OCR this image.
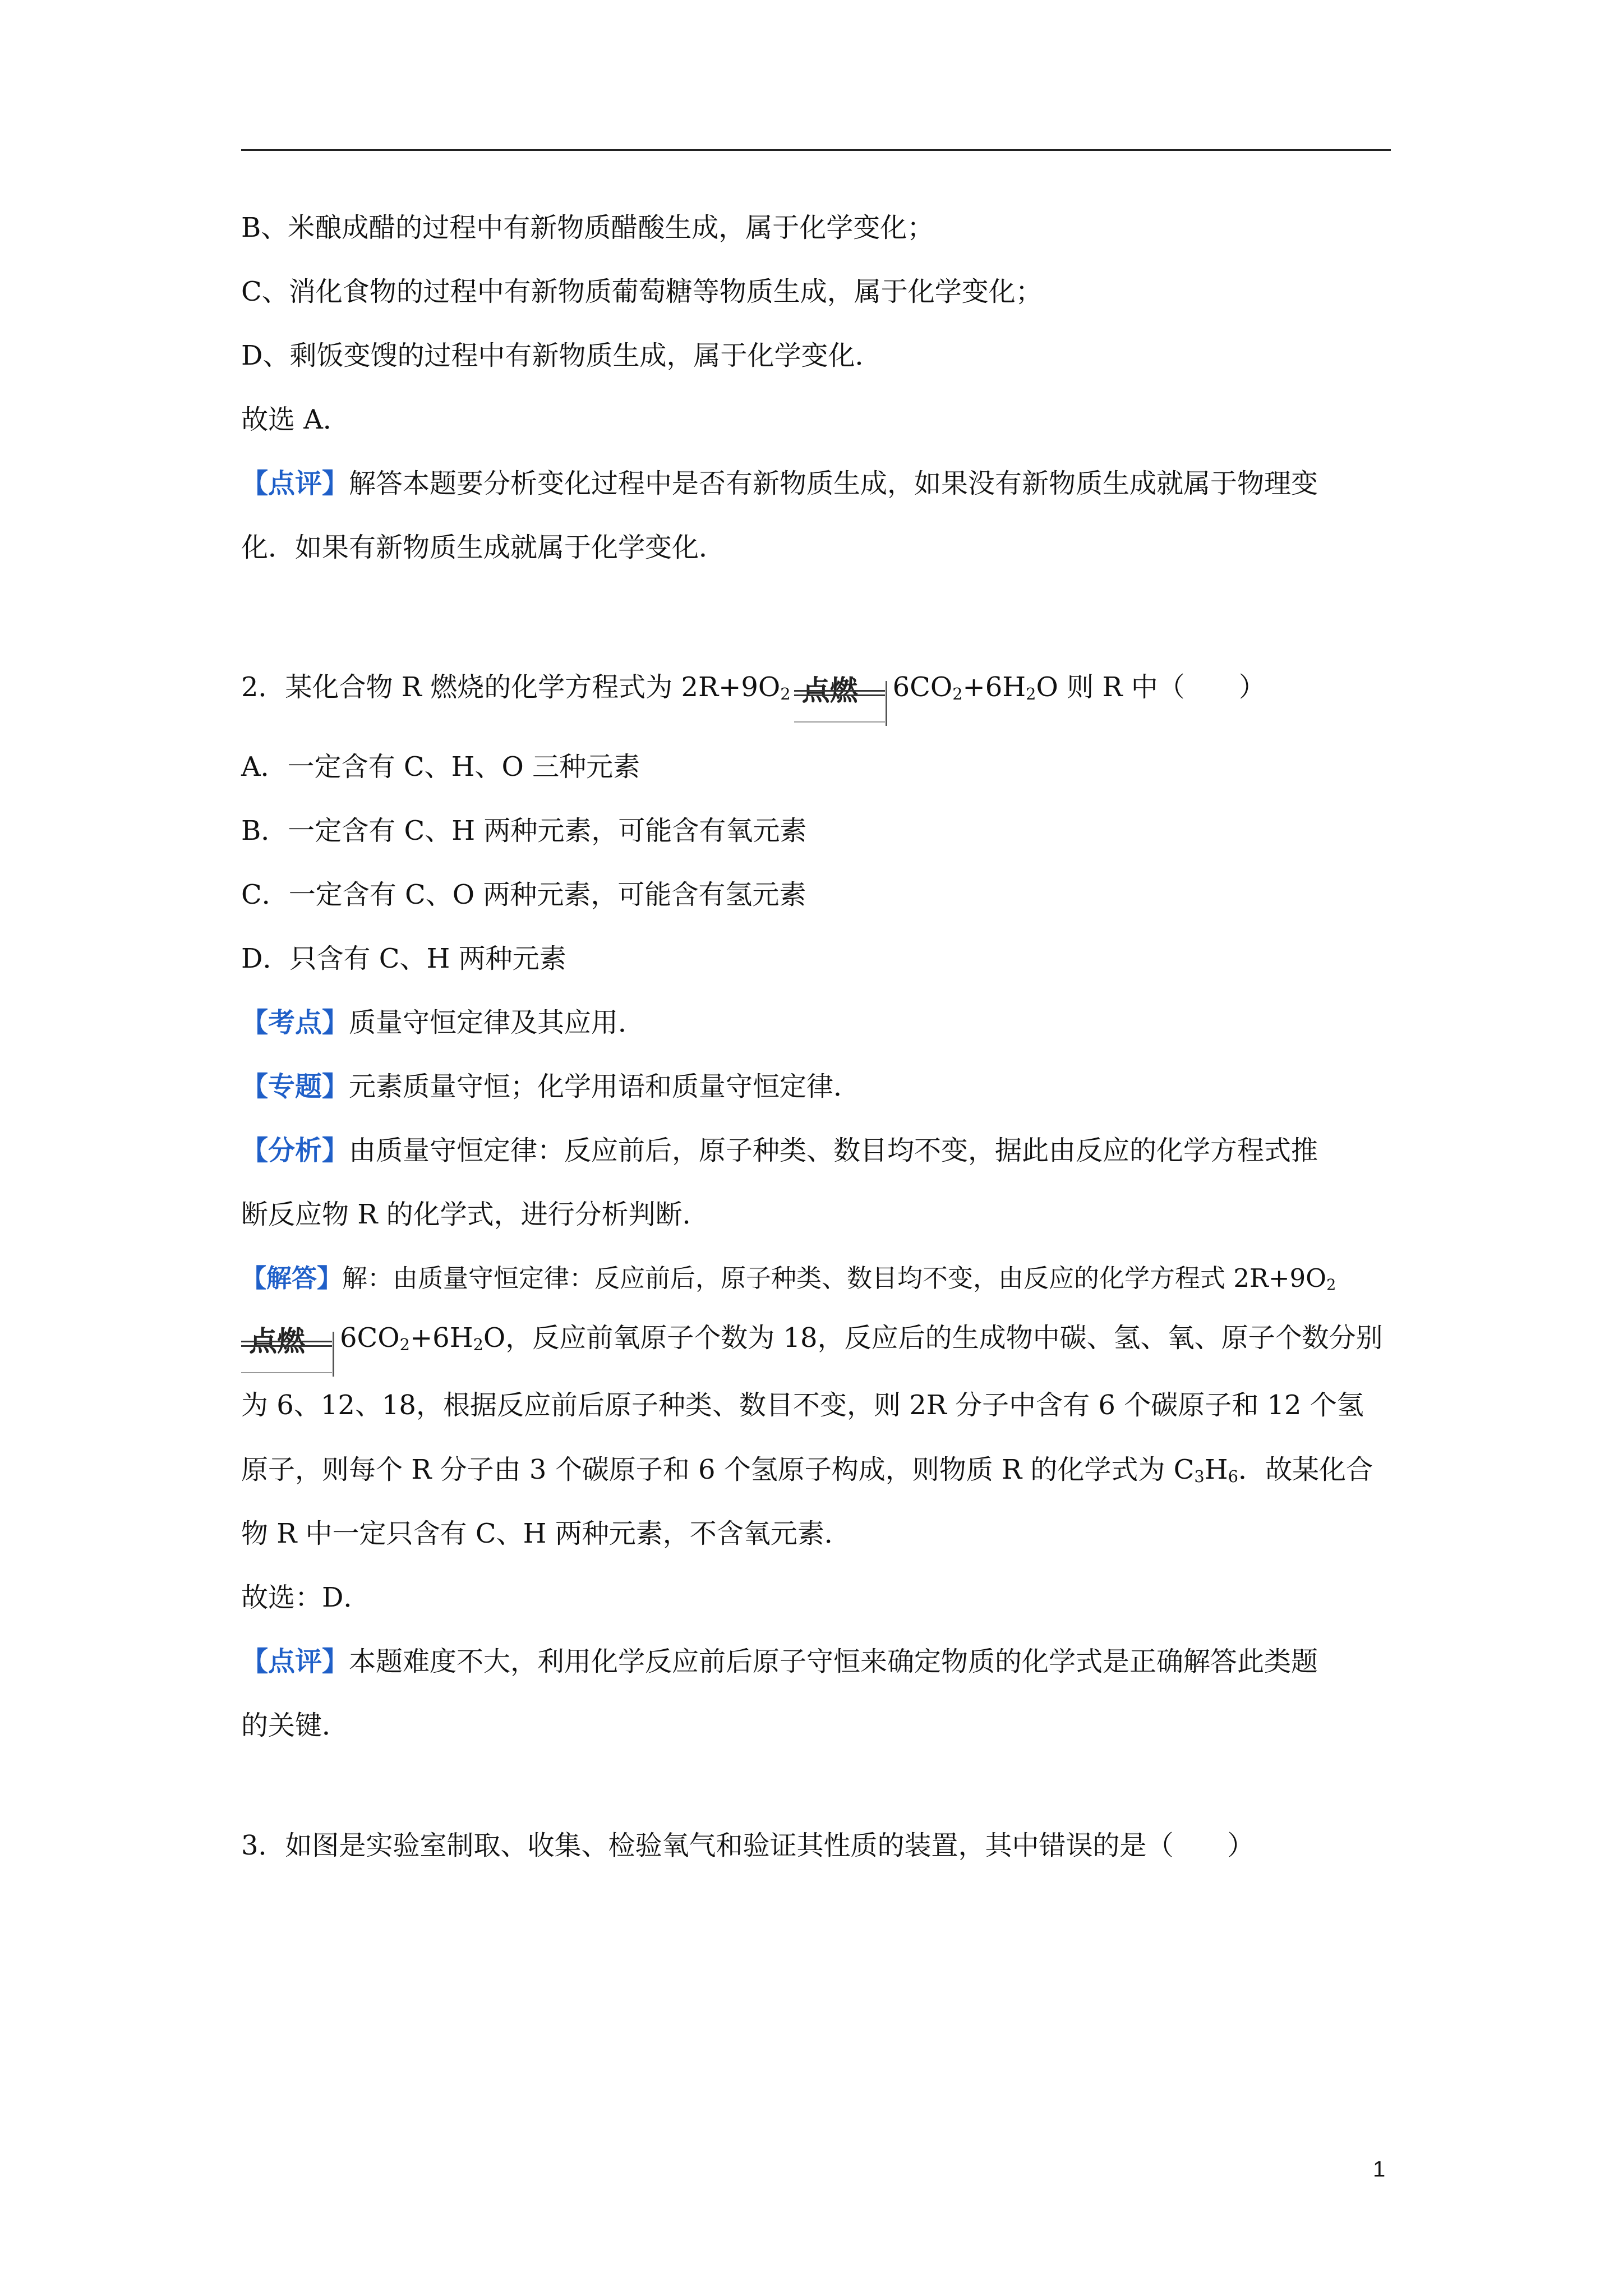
B、米酿成醋的过程中有新物质醋酸生成，属于化学变化；
C、消化食物的过程中有新物质葡萄糖等物质生成，属于化学变化；
D、剩饭变馊的过程中有新物质生成，属于化学变化．
故选 A．
【点评】解答本题要分析变化过程中是否有新物质生成，如果没有新物质生成就属于物理变
化．如果有新物质生成就属于化学变化．
2．某化合物 R 燃烧的化学方程式为 $2R+9O_2$ 点燃 $6CO_2+6H_2O$ 则 R 中（　　）
A．一定含有 C、H、O 三种元素
B．一定含有 C、H 两种元素，可能含有氧元素
C．一定含有 C、O 两种元素，可能含有氢元素
D．只含有 C、H 两种元素
【考点】质量守恒定律及其应用．
【专题】元素质量守恒；化学用语和质量守恒定律．
【分析】由质量守恒定律：反应前后，原子种类、数目均不变，据此由反应的化学方程式推
断反应物 R 的化学式，进行分析判断．
【解答】解：由质量守恒定律：反应前后，原子种类、数目均不变，由反应的化学方程式 $2R+9O_2$
点燃 $6CO_2+6H_2O$，反应前氧原子个数为 18，反应后的生成物中碳、氢、氧、原子个数分别
为 6、12、18，根据反应前后原子种类、数目不变，则 2R 分子中含有 6 个碳原子和 12 个氢
原子，则每个 R 分子由 3 个碳原子和 6 个氢原子构成，则物质 R 的化学式为 $C_3H_6$．故某化合
物 R 中一定只含有 C、H 两种元素，不含氧元素．
故选：D．
【点评】本题难度不大，利用化学反应前后原子守恒来确定物质的化学式是正确解答此类题
的关键．
3．如图是实验室制取、收集、检验氧气和验证其性质的装置，其中错误的是（　　）
1
